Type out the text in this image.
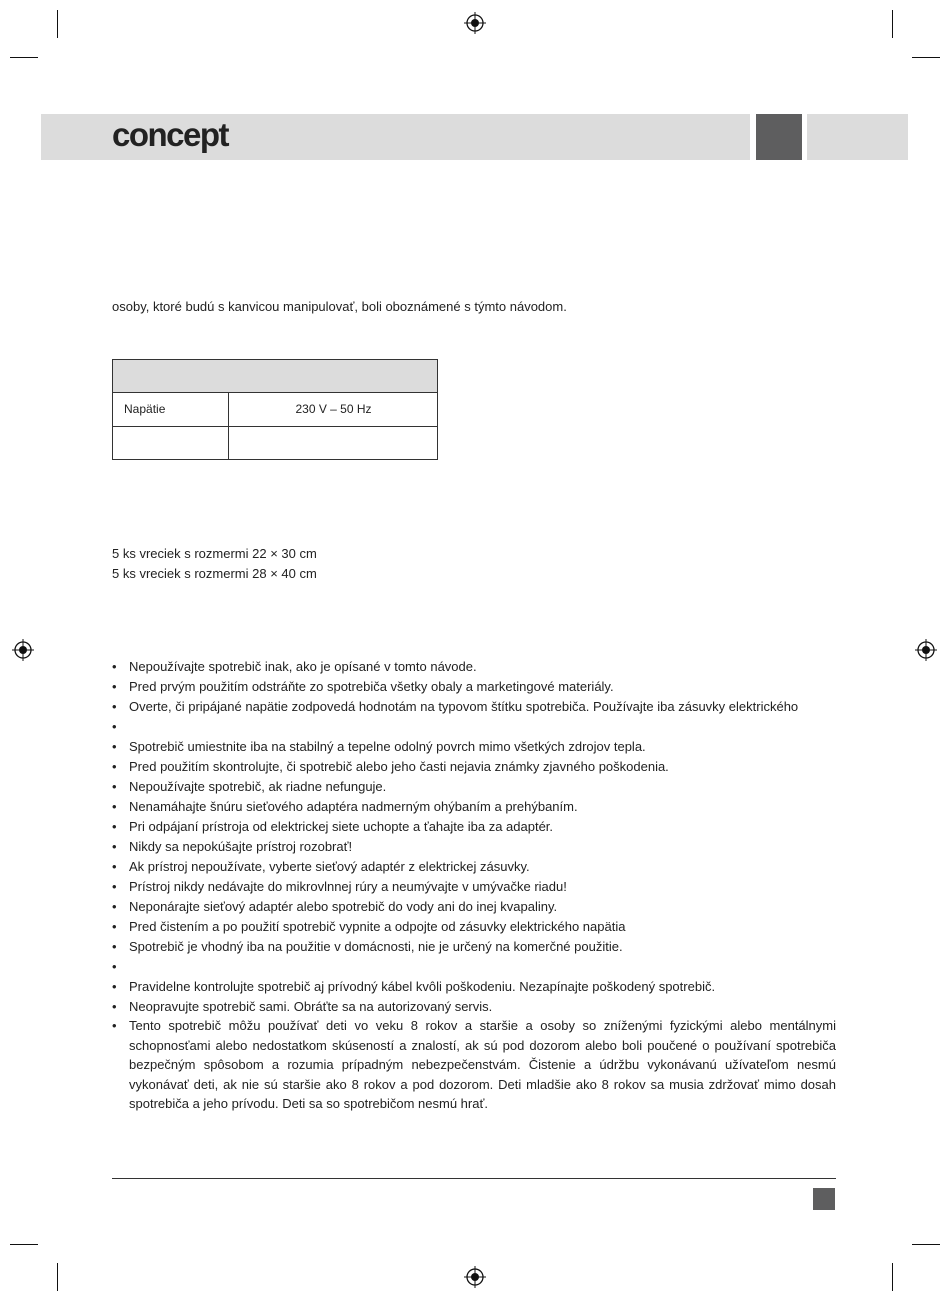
concept
osoby, ktoré budú s kanvicou manipulovať, boli oboznámené s týmto návodom.
Napätie	230 V – 50 Hz
5 ks vreciek s rozmermi 22 × 30 cm
5 ks vreciek s rozmermi 28 × 40 cm
• Nepoužívajte spotrebič inak, ako je opísané v tomto návode.
• Pred prvým použitím odstráňte zo spotrebiča všetky obaly a marketingové materiály.
• Overte, či pripájané napätie zodpovedá hodnotám na typovom štítku spotrebiča. Používajte iba zásuvky elektrického
•
• Spotrebič umiestnite iba na stabilný a tepelne odolný povrch mimo všetkých zdrojov tepla.
• Pred použitím skontrolujte, či spotrebič alebo jeho časti nejavia známky zjavného poškodenia.
• Nepoužívajte spotrebič, ak riadne nefunguje.
• Nenamáhajte šnúru sieťového adaptéra nadmerným ohýbaním a prehýbaním.
• Pri odpájaní prístroja od elektrickej siete uchopte a ťahajte iba za adaptér.
• Nikdy sa nepokúšajte prístroj rozobrať!
• Ak prístroj nepoužívate, vyberte sieťový adaptér z elektrickej zásuvky.
• Prístroj nikdy nedávajte do mikrovlnnej rúry a neumývajte v umývačke riadu!
• Neponárajte sieťový adaptér alebo spotrebič do vody ani do inej kvapaliny.
• Pred čistením a po použití spotrebič vypnite a odpojte od zásuvky elektrického napätia
• Spotrebič je vhodný iba na použitie v domácnosti, nie je určený na komerčné použitie.
•
• Pravidelne kontrolujte spotrebič aj prívodný kábel kvôli poškodeniu. Nezapínajte poškodený spotrebič.
• Neopravujte spotrebič sami. Obráťte sa na autorizovaný servis.
• Tento spotrebič môžu používať deti vo veku 8 rokov a staršie a osoby so zníženými fyzickými alebo mentálnymi schopnosťami alebo nedostatkom skúseností a znalostí, ak sú pod dozorom alebo boli poučené o používaní spotrebiča bezpečným spôsobom a rozumia prípadným nebezpečenstvám. Čistenie a údržbu vykonávanú užívateľom nesmú vykonávať deti, ak nie sú staršie ako 8 rokov a pod dozorom. Deti mladšie ako 8 rokov sa musia zdržovať mimo dosah spotrebiča a jeho prívodu. Deti sa so spotrebičom nesmú hrať.
